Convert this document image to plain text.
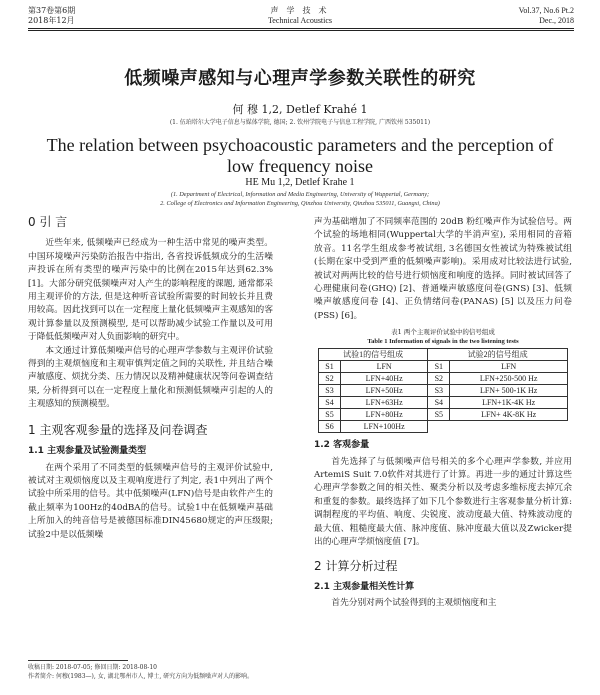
第37卷第6期
2018年12月
声 学 技 术
Technical Acoustics
Vol.37, No.6 Pt.2
Dec., 2018
低频噪声感知与心理声学参数关联性的研究
何 穆 1,2, Detlef Krahé 1
(1. 伍珀塔尔大学电子信息与媒体学院, 德国; 2. 钦州学院电子与信息工程学院, 广西钦州 535011)
The relation between psychoacoustic parameters and the perception of low frequency noise
HE Mu 1,2, Detlef Krahe 1
(1. Department of Electrical, Information and Media Engineering, University of Wuppertal, Germany;
2. College of Electronics and Information Engineering, Qinzhou University, Qinzhou 535011, Guangxi, China)
0 引 言

近些年来, 低频噪声已经成为一种生活中常见的噪声类型。中国环境噪声污染防治报告中指出, 各省投诉低频成分的生活噪声投诉在所有类型的噪声污染中的比例在2015年达到62.3% [1]。大部分研究低频噪声对人产生的影响程度的课题, 通常都采用主观评价的方法, 但是这种听音试验所需要的时间较长并且费用较高。因此找到可以在一定程度上量化低频噪声主观感知的客观计算参量以及预测模型, 是可以帮助减少试验工作量以及可用于降低低频噪声对人负面影响的研究中。

本文通过计算低频噪声信号的心理声学参数与主观评价试验得到的主观烦恼度和主观审慎判定值之间的关联性, 并且结合噪声敏感度、烦扰分类、压力情况以及精神健康状况等问卷调查结果, 分析得到可以在一定程度上量化和预测低频噪声引起的人的主观感知的预测模型。

1 主观客观参量的选择及问卷调查
1.1 主观参量及试验测量类型

在两个采用了不同类型的低频噪声信号的主观评价试验中, 被试对主观烦恼度以及主观响度进行了判定, 表1中列出了两个试验中所采用的信号。其中低频噪声(LFN)信号是由软件产生的截止频率为100Hz的40dBA的信号。试验1中在低频噪声基础上所加入的纯音信号是被德国标准DIN45680规定的声压级限; 试验2中是以低频噪

收稿日期: 2018-07-05; 修回日期: 2018-08-10
作者简介: 何穆(1983—), 女, 湖北鄂州市人, 博士, 研究方向为低频噪声对人的影响。

声为基础增加了不同频率范围的 20dB 粉红噪声作为试验信号。两个试验的场地相同(Wuppertal大学的半消声室), 采用相同的音箱放音。11名学生组成参考被试组, 3名德国女性被试为特殊被试组(长期在家中受到严重的低频噪声影响)。采用成对比较法进行试验, 被试对两两比较的信号进行烦恼度和响度的选择。同时被试回答了心理健康问卷(GHQ) [2]、普通噪声敏感度问卷(GNS) [3]、低频噪声敏感度问卷 [4]、正负情绪问卷(PANAS) [5] 以及压力问卷(PSS) [6]。

表1 两个主观评价试验中的信号组成
Table 1 Information of signals in the two listening tests
试验1的信号组成		试验2的信号组成	
S1	LFN	S1	LFN
S2	LFN+40Hz	S2	LFN+250-500 Hz
S3	LFN+50Hz	S3	LFN+ 500-1K Hz
S4	LFN+63Hz	S4	LFN+1K-4K Hz
S5	LFN+80Hz	S5	LFN+ 4K-8K Hz
S6	LFN+100Hz		
1.2 客观参量

首先选择了与低频噪声信号相关的多个心理声学参数, 并应用ArtemiS Suit 7.0软件对其进行了计算。再进一步的通过计算这些心理声学参数之间的相关性、聚类分析以及考虑多维标度去掉冗余和重复的参数。最终选择了如下几个参数进行主客观参量分析计算: 调制程度的平均值、响度、尖锐度、波动度最大值、特殊波动度的最大值、粗糙度最大值、脉冲度值、脉冲度最大值以及Zwicker提出的心理声学烦恼度值 [7]。

2 计算分析过程
2.1 主观参量相关性计算

首先分别对两个试验得到的主观烦恼度和主
